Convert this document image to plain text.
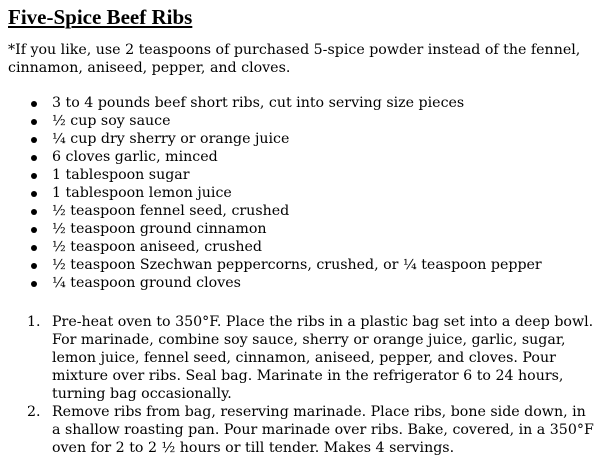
Five-Spice Beef Ribs

*If you like, use 2 teaspoons of purchased 5-spice powder instead of the fennel, cinnamon, aniseed, pepper, and cloves.

3 to 4 pounds beef short ribs, cut into serving size pieces
½ cup soy sauce
¼ cup dry sherry or orange juice
6 cloves garlic, minced
1 tablespoon sugar
1 tablespoon lemon juice
½ teaspoon fennel seed, crushed
½ teaspoon ground cinnamon
½ teaspoon aniseed, crushed
½ teaspoon Szechwan peppercorns, crushed, or ¼ teaspoon pepper
¼ teaspoon ground cloves
1. Pre-heat oven to 350°F. Place the ribs in a plastic bag set into a deep bowl. For marinade, combine soy sauce, sherry or orange juice, garlic, sugar, lemon juice, fennel seed, cinnamon, aniseed, pepper, and cloves. Pour mixture over ribs. Seal bag. Marinate in the refrigerator 6 to 24 hours, turning bag occasionally.
2. Remove ribs from bag, reserving marinade. Place ribs, bone side down, in a shallow roasting pan. Pour marinade over ribs. Bake, covered, in a 350°F oven for 2 to 2 ½ hours or till tender. Makes 4 servings.
